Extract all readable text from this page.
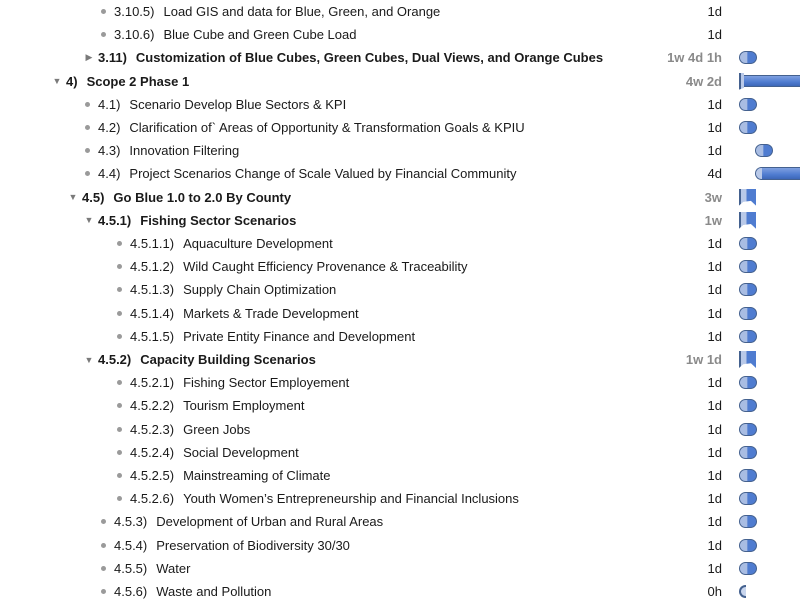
3.10.5) Load GIS and data for Blue, Green, and Orange	1d
3.10.6) Blue Cube and Green Cube Load	1d
▶ 3.11) Customization of Blue Cubes, Green Cubes, Dual Views, and Orange Cubes	1w 4d 1h
▼ 4) Scope 2 Phase 1	4w 2d
4.1) Scenario Develop Blue Sectors & KPI	1d
4.2) Clarification of` Areas of Opportunity & Transformation Goals & KPIU	1d
4.3) Innovation Filtering	1d
4.4) Project Scenarios Change of Scale Valued by Financial Community	4d
▼ 4.5) Go Blue 1.0 to 2.0 By County	3w
▼ 4.5.1) Fishing Sector Scenarios	1w
4.5.1.1) Aquaculture Development	1d
4.5.1.2) Wild Caught Efficiency Provenance & Traceability	1d
4.5.1.3) Supply Chain Optimization	1d
4.5.1.4) Markets & Trade Development	1d
4.5.1.5) Private Entity Finance and Development	1d
▼ 4.5.2) Capacity Building Scenarios	1w 1d
4.5.2.1) Fishing Sector Employement	1d
4.5.2.2) Tourism Employment	1d
4.5.2.3) Green Jobs	1d
4.5.2.4) Social Development	1d
4.5.2.5) Mainstreaming of Climate	1d
4.5.2.6) Youth Women’s Entrepreneurship and Financial Inclusions	1d
4.5.3) Development of Urban and Rural Areas	1d
4.5.4) Preservation of Biodiversity 30/30	1d
4.5.5) Water	1d
4.5.6) Waste and Pollution	0h
